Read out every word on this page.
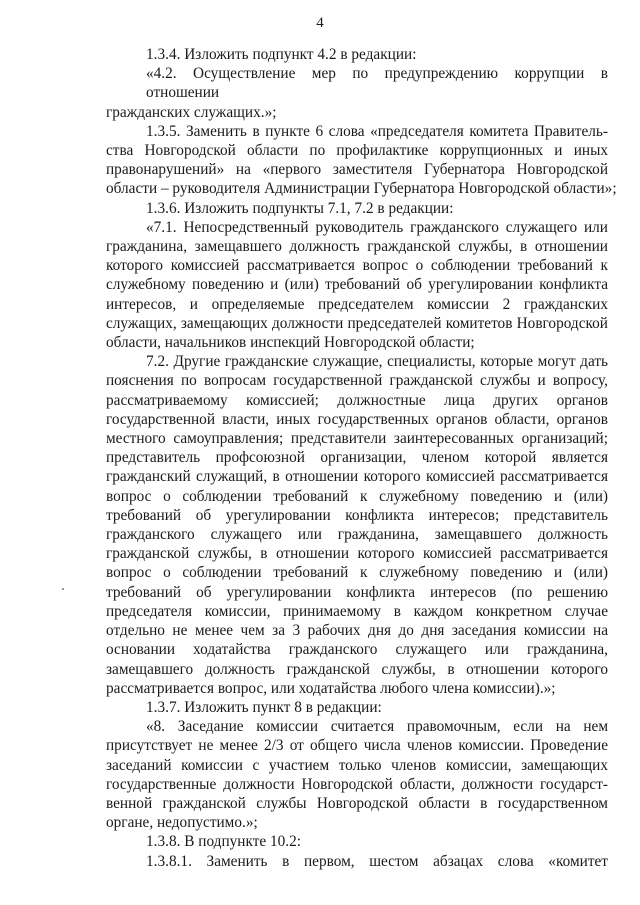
4
1.3.4. Изложить подпункт 4.2 в редакции:
«4.2. Осуществление мер по предупреждению коррупции в отношении
гражданских служащих.»;
1.3.5. Заменить в пункте 6 слова «председателя комитета Правитель-
ства Новгородской области по профилактике коррупционных и иных
правонарушений» на «первого заместителя Губернатора Новгородской
области – руководителя Администрации Губернатора Новгородской области»;
1.3.6. Изложить подпункты 7.1, 7.2 в редакции:
«7.1. Непосредственный руководитель гражданского служащего или
гражданина, замещавшего должность гражданской службы, в отношении
которого комиссией рассматривается вопрос о соблюдении требований к
служебному поведению и (или) требований об урегулировании конфликта
интересов, и определяемые председателем комиссии 2 гражданских
служащих, замещающих должности председателей комитетов Новгородской
области, начальников инспекций Новгородской области;
7.2. Другие гражданские служащие, специалисты, которые могут дать
пояснения по вопросам государственной гражданской службы и вопросу,
рассматриваемому комиссией; должностные лица других органов
государственной власти, иных государственных органов области, органов
местного самоуправления; представители заинтересованных организаций;
представитель профсоюзной организации, членом которой является
гражданский служащий, в отношении которого комиссией рассматривается
вопрос о соблюдении требований к служебному поведению и (или)
требований об урегулировании конфликта интересов; представитель
гражданского служащего или гражданина, замещавшего должность
гражданской службы, в отношении которого комиссией рассматривается
вопрос о соблюдении требований к служебному поведению и (или)
требований об урегулировании конфликта интересов (по решению
председателя комиссии, принимаемому в каждом конкретном случае
отдельно не менее чем за 3 рабочих дня до дня заседания комиссии на
основании ходатайства гражданского служащего или гражданина,
замещавшего должность гражданской службы, в отношении которого
рассматривается вопрос, или ходатайства любого члена комиссии).»;
1.3.7. Изложить пункт 8 в редакции:
«8. Заседание комиссии считается правомочным, если на нем
присутствует не менее 2/3 от общего числа членов комиссии. Проведение
заседаний комиссии с участием только членов комиссии, замещающих
государственные должности Новгородской области, должности государст-
венной гражданской службы Новгородской области в государственном
органе, недопустимо.»;
1.3.8. В подпункте 10.2:
1.3.8.1. Заменить в первом, шестом абзацах слова «комитет
